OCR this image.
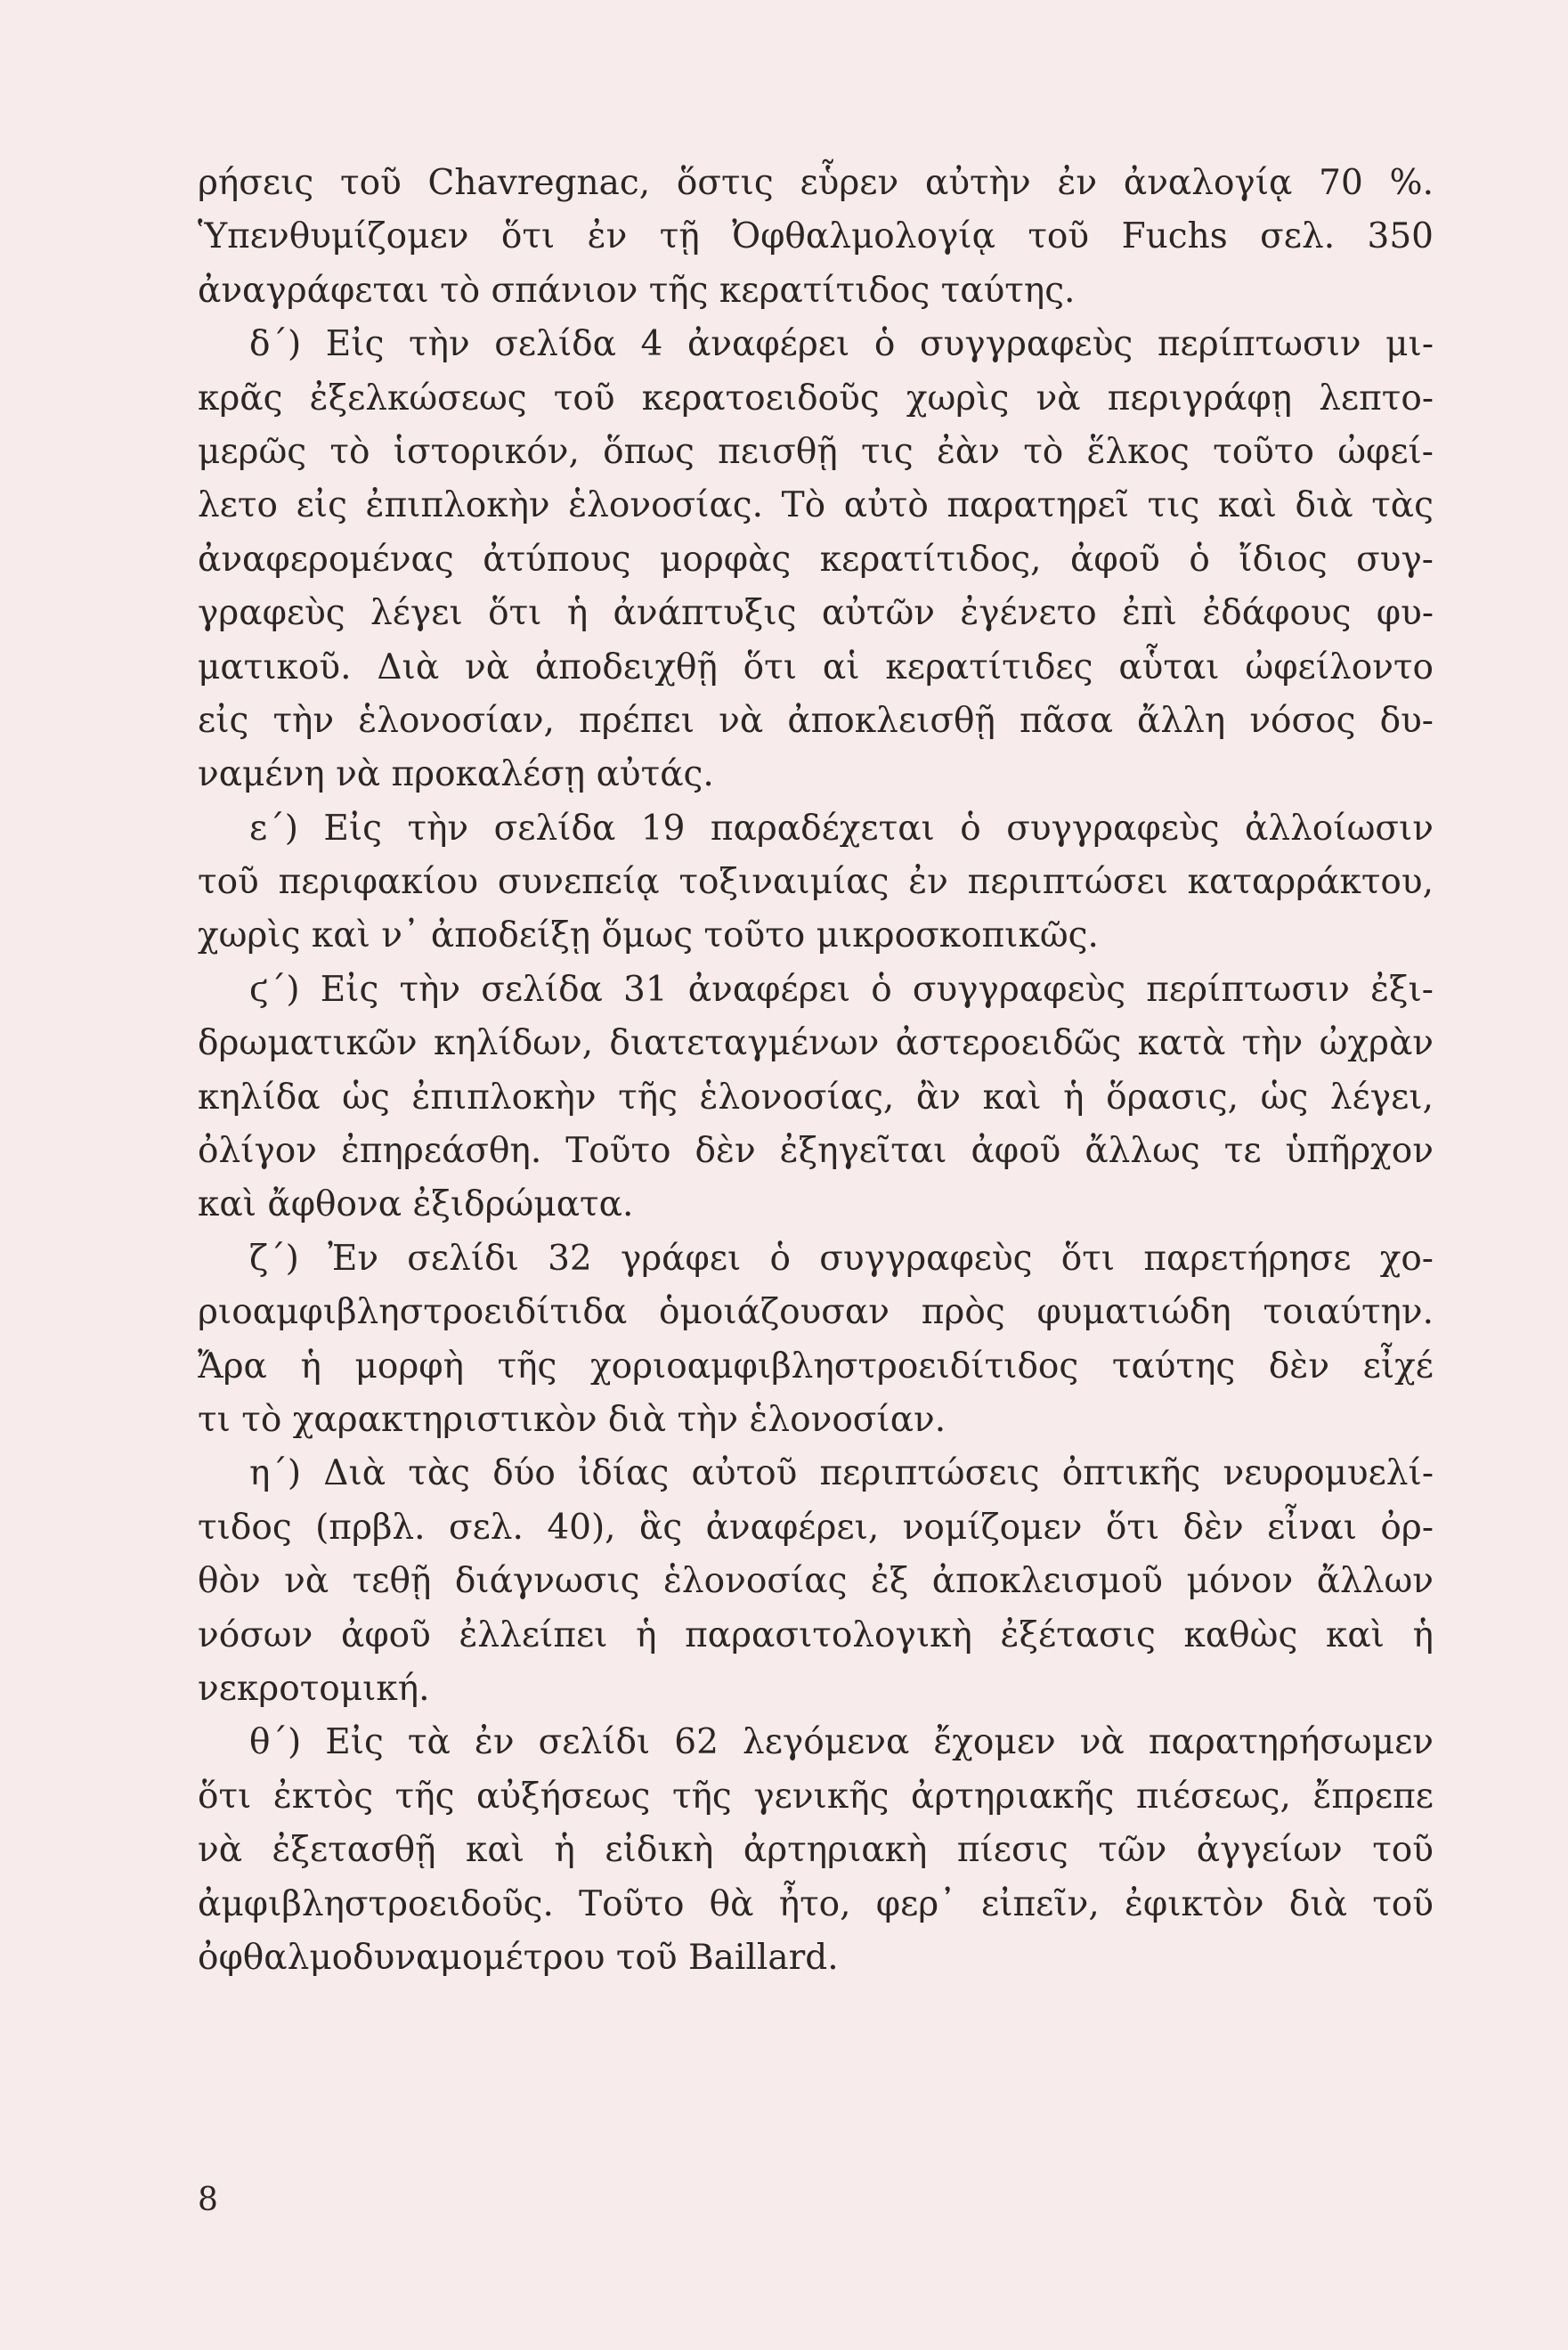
ρήσεις τοῦ Chavregnac, ὅστις εὗρεν αὐτὴν ἐν ἀναλογίᾳ 70 %.
Ὑπενθυμίζομεν ὅτι ἐν τῇ Ὀφθαλμολογίᾳ τοῦ Fuchs σελ. 350
ἀναγράφεται τὸ σπάνιον τῆς κερατίτιδος ταύτης.
δ΄) Εἰς τὴν σελίδα 4 ἀναφέρει ὁ συγγραφεὺς περίπτωσιν μι-
κρᾶς ἐξελκώσεως τοῦ κερατοειδοῦς χωρὶς νὰ περιγράφῃ λεπτο-
μερῶς τὸ ἱστορικόν, ὅπως πεισθῇ τις ἐὰν τὸ ἕλκος τοῦτο ὠφεί-
λετο εἰς ἐπιπλοκὴν ἑλονοσίας. Τὸ αὐτὸ παρατηρεῖ τις καὶ διὰ τὰς
ἀναφερομένας ἀτύπους μορφὰς κερατίτιδος, ἀφοῦ ὁ ἴδιος συγ-
γραφεὺς λέγει ὅτι ἡ ἀνάπτυξις αὐτῶν ἐγένετο ἐπὶ ἐδάφους φυ-
ματικοῦ. Διὰ νὰ ἀποδειχθῇ ὅτι αἱ κερατίτιδες αὗται ὠφείλοντο
εἰς τὴν ἑλονοσίαν, πρέπει νὰ ἀποκλεισθῇ πᾶσα ἄλλη νόσος δυ-
ναμένη νὰ προκαλέσῃ αὐτάς.
ε΄) Εἰς τὴν σελίδα 19 παραδέχεται ὁ συγγραφεὺς ἀλλοίωσιν
τοῦ περιφακίου συνεπείᾳ τοξιναιμίας ἐν περιπτώσει καταρράκτου,
χωρὶς καὶ ν᾽ ἀποδείξῃ ὅμως τοῦτο μικροσκοπικῶς.
ϛ΄) Εἰς τὴν σελίδα 31 ἀναφέρει ὁ συγγραφεὺς περίπτωσιν ἐξι-
δρωματικῶν κηλίδων, διατεταγμένων ἀστεροειδῶς κατὰ τὴν ὠχρὰν
κηλίδα ὡς ἐπιπλοκὴν τῆς ἑλονοσίας, ἂν καὶ ἡ ὅρασις, ὡς λέγει,
ὀλίγον ἐπηρεάσθη. Τοῦτο δὲν ἐξηγεῖται ἀφοῦ ἄλλως τε ὑπῆρχον
καὶ ἄφθονα ἐξιδρώματα.
ζ΄) Ἐν σελίδι 32 γράφει ὁ συγγραφεὺς ὅτι παρετήρησε χο-
ριοαμφιβληστροειδίτιδα ὁμοιάζουσαν πρὸς φυματιώδη τοιαύτην.
Ἄρα ἡ μορφὴ τῆς χοριοαμφιβληστροειδίτιδος ταύτης δὲν εἶχέ
τι τὸ χαρακτηριστικὸν διὰ τὴν ἑλονοσίαν.
η΄) Διὰ τὰς δύο ἰδίας αὐτοῦ περιπτώσεις ὀπτικῆς νευρομυελί-
τιδος (πρβλ. σελ. 40), ἃς ἀναφέρει, νομίζομεν ὅτι δὲν εἶναι ὀρ-
θὸν νὰ τεθῇ διάγνωσις ἑλονοσίας ἐξ ἀποκλεισμοῦ μόνον ἄλλων
νόσων ἀφοῦ ἐλλείπει ἡ παρασιτολογικὴ ἐξέτασις καθὼς καὶ ἡ
νεκροτομική.
θ΄) Εἰς τὰ ἐν σελίδι 62 λεγόμενα ἔχομεν νὰ παρατηρήσωμεν
ὅτι ἐκτὸς τῆς αὐξήσεως τῆς γενικῆς ἀρτηριακῆς πιέσεως, ἔπρεπε
νὰ ἐξετασθῇ καὶ ἡ εἰδικὴ ἀρτηριακὴ πίεσις τῶν ἀγγείων τοῦ
ἀμφιβληστροειδοῦς. Τοῦτο θὰ ἦτο, φερ᾽ εἰπεῖν, ἐφικτὸν διὰ τοῦ
ὀφθαλμοδυναμομέτρου τοῦ Baillard.
8
